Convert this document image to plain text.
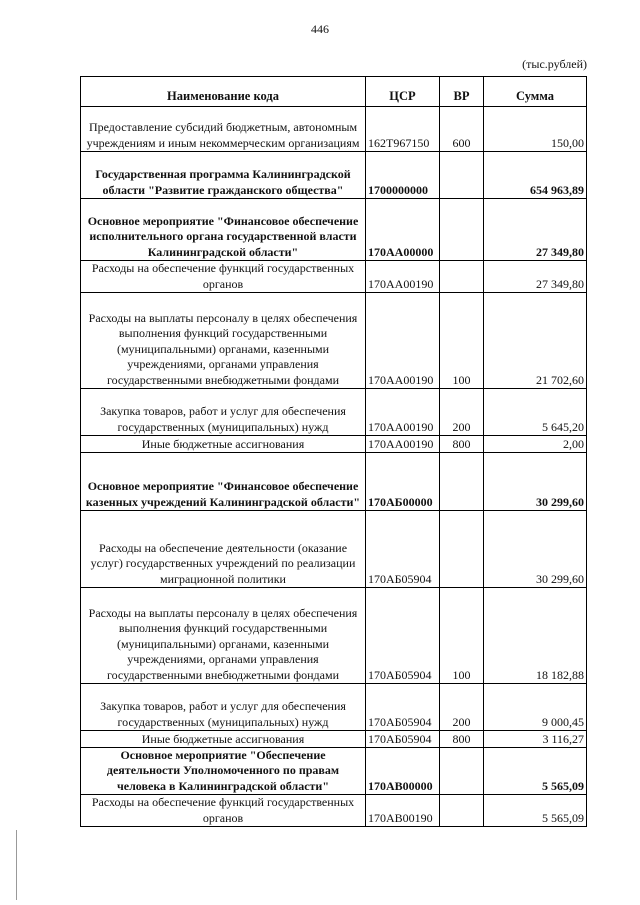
446
(тыс.рублей)
Наименование кода	ЦСР	ВР	Сумма
Предоставление субсидий бюджетным, автономным учреждениям и иным некоммерческим организациям	162Т967150	600	150,00
Государственная программа Калининградской области "Развитие гражданского общества"	1700000000		654 963,89
Основное мероприятие "Финансовое обеспечение исполнительного органа государственной власти Калининградской области"	170АА00000		27 349,80
Расходы на обеспечение функций государственных органов	170АА00190		27 349,80
Расходы на выплаты персоналу в целях обеспечения выполнения функций государственными (муниципальными) органами, казенными учреждениями, органами управления государственными внебюджетными фондами	170АА00190	100	21 702,60
Закупка товаров, работ и услуг для обеспечения государственных (муниципальных) нужд	170АА00190	200	5 645,20
Иные бюджетные ассигнования	170АА00190	800	2,00
Основное мероприятие "Финансовое обеспечение казенных учреждений Калининградской области"	170АБ00000		30 299,60
Расходы на обеспечение деятельности (оказание услуг) государственных учреждений по реализации миграционной политики	170АБ05904		30 299,60
Расходы на выплаты персоналу в целях обеспечения выполнения функций государственными (муниципальными) органами, казенными учреждениями, органами управления государственными внебюджетными фондами	170АБ05904	100	18 182,88
Закупка товаров, работ и услуг для обеспечения государственных (муниципальных) нужд	170АБ05904	200	9 000,45
Иные бюджетные ассигнования	170АБ05904	800	3 116,27
Основное мероприятие "Обеспечение деятельности Уполномоченного по правам человека в Калининградской области"	170АВ00000		5 565,09
Расходы на обеспечение функций государственных органов	170АВ00190		5 565,09
